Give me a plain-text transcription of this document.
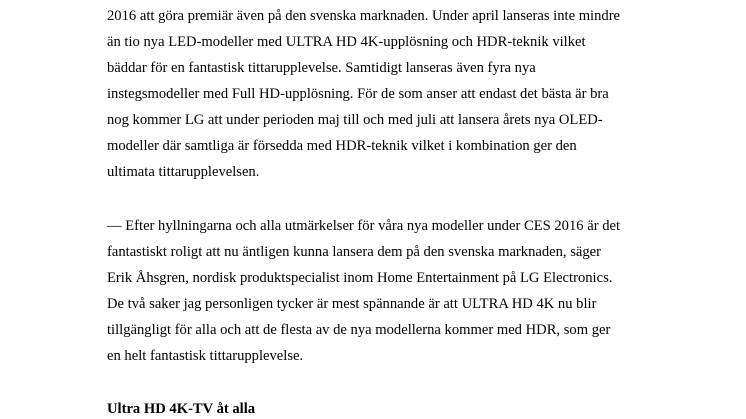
2016 att göra premiär även på den svenska marknaden. Under april lanseras inte mindre
än tio nya LED-modeller med ULTRA HD 4K-upplösning och HDR-teknik vilket
bäddar för en fantastisk tittarupplevelse. Samtidigt lanseras även fyra nya
instegsmodeller med Full HD-upplösning. För de som anser att endast det bästa är bra
nog kommer LG att under perioden maj till och med juli att lansera årets nya OLED-
modeller där samtliga är försedda med HDR-teknik vilket i kombination ger den
ultimata tittarupplevelsen.
— Efter hyllningarna och alla utmärkelser för våra nya modeller under CES 2016 är det
fantastiskt roligt att nu äntligen kunna lansera dem på den svenska marknaden, säger
Erik Åhsgren, nordisk produktspecialist inom Home Entertainment på LG Electronics.
De två saker jag personligen tycker är mest spännande är att ULTRA HD 4K nu blir
tillgängligt för alla och att de flesta av de nya modellerna kommer med HDR, som ger
en helt fantastisk tittarupplevelse.
Ultra HD 4K-TV åt alla
